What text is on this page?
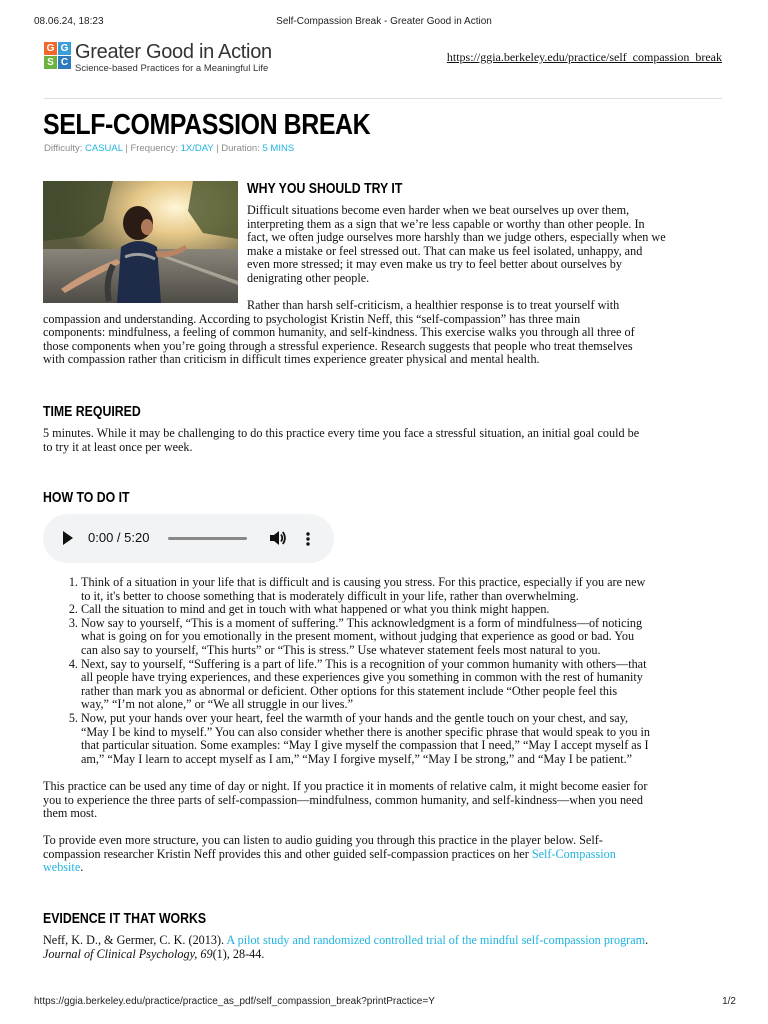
08.06.24, 18:23	Self-Compassion Break - Greater Good in Action
G G
S C Greater Good in Action
Science-based Practices for a Meaningful Life
https://ggia.berkeley.edu/practice/self_compassion_break
SELF-COMPASSION BREAK
Difficulty: CASUAL | Frequency: 1X/DAY | Duration: 5 MINS
WHY YOU SHOULD TRY IT
Difficult situations become even harder when we beat ourselves up over them,
interpreting them as a sign that we’re less capable or worthy than other people. In
fact, we often judge ourselves more harshly than we judge others, especially when we
make a mistake or feel stressed out. That can make us feel isolated, unhappy, and
even more stressed; it may even make us try to feel better about ourselves by
denigrating other people.
Rather than harsh self-criticism, a healthier response is to treat yourself with
compassion and understanding. According to psychologist Kristin Neff, this “self-compassion” has three main
components: mindfulness, a feeling of common humanity, and self-kindness. This exercise walks you through all three of
those components when you’re going through a stressful experience. Research suggests that people who treat themselves
with compassion rather than criticism in difficult times experience greater physical and mental health.
TIME REQUIRED
5 minutes. While it may be challenging to do this practice every time you face a stressful situation, an initial goal could be
to try it at least once per week.
HOW TO DO IT
0:00 / 5:20
1. Think of a situation in your life that is difficult and is causing you stress. For this practice, especially if you are new
to it, it's better to choose something that is moderately difficult in your life, rather than overwhelming.
2. Call the situation to mind and get in touch with what happened or what you think might happen.
3. Now say to yourself, “This is a moment of suffering.” This acknowledgment is a form of mindfulness—of noticing
what is going on for you emotionally in the present moment, without judging that experience as good or bad. You
can also say to yourself, “This hurts” or “This is stress.” Use whatever statement feels most natural to you.
4. Next, say to yourself, “Suffering is a part of life.” This is a recognition of your common humanity with others—that
all people have trying experiences, and these experiences give you something in common with the rest of humanity
rather than mark you as abnormal or deficient. Other options for this statement include “Other people feel this
way,” “I’m not alone,” or “We all struggle in our lives.”
5. Now, put your hands over your heart, feel the warmth of your hands and the gentle touch on your chest, and say,
“May I be kind to myself.” You can also consider whether there is another specific phrase that would speak to you in
that particular situation. Some examples: “May I give myself the compassion that I need,” “May I accept myself as I
am,” “May I learn to accept myself as I am,” “May I forgive myself,” “May I be strong,” and “May I be patient.”
This practice can be used any time of day or night. If you practice it in moments of relative calm, it might become easier for
you to experience the three parts of self-compassion—mindfulness, common humanity, and self-kindness—when you need
them most.
To provide even more structure, you can listen to audio guiding you through this practice in the player below. Self-
compassion researcher Kristin Neff provides this and other guided self-compassion practices on her Self-Compassion
website.
EVIDENCE IT THAT WORKS
Neff, K. D., & Germer, C. K. (2013). A pilot study and randomized controlled trial of the mindful self-compassion program.
Journal of Clinical Psychology, 69(1), 28-44.
https://ggia.berkeley.edu/practice/practice_as_pdf/self_compassion_break?printPractice=Y	1/2
